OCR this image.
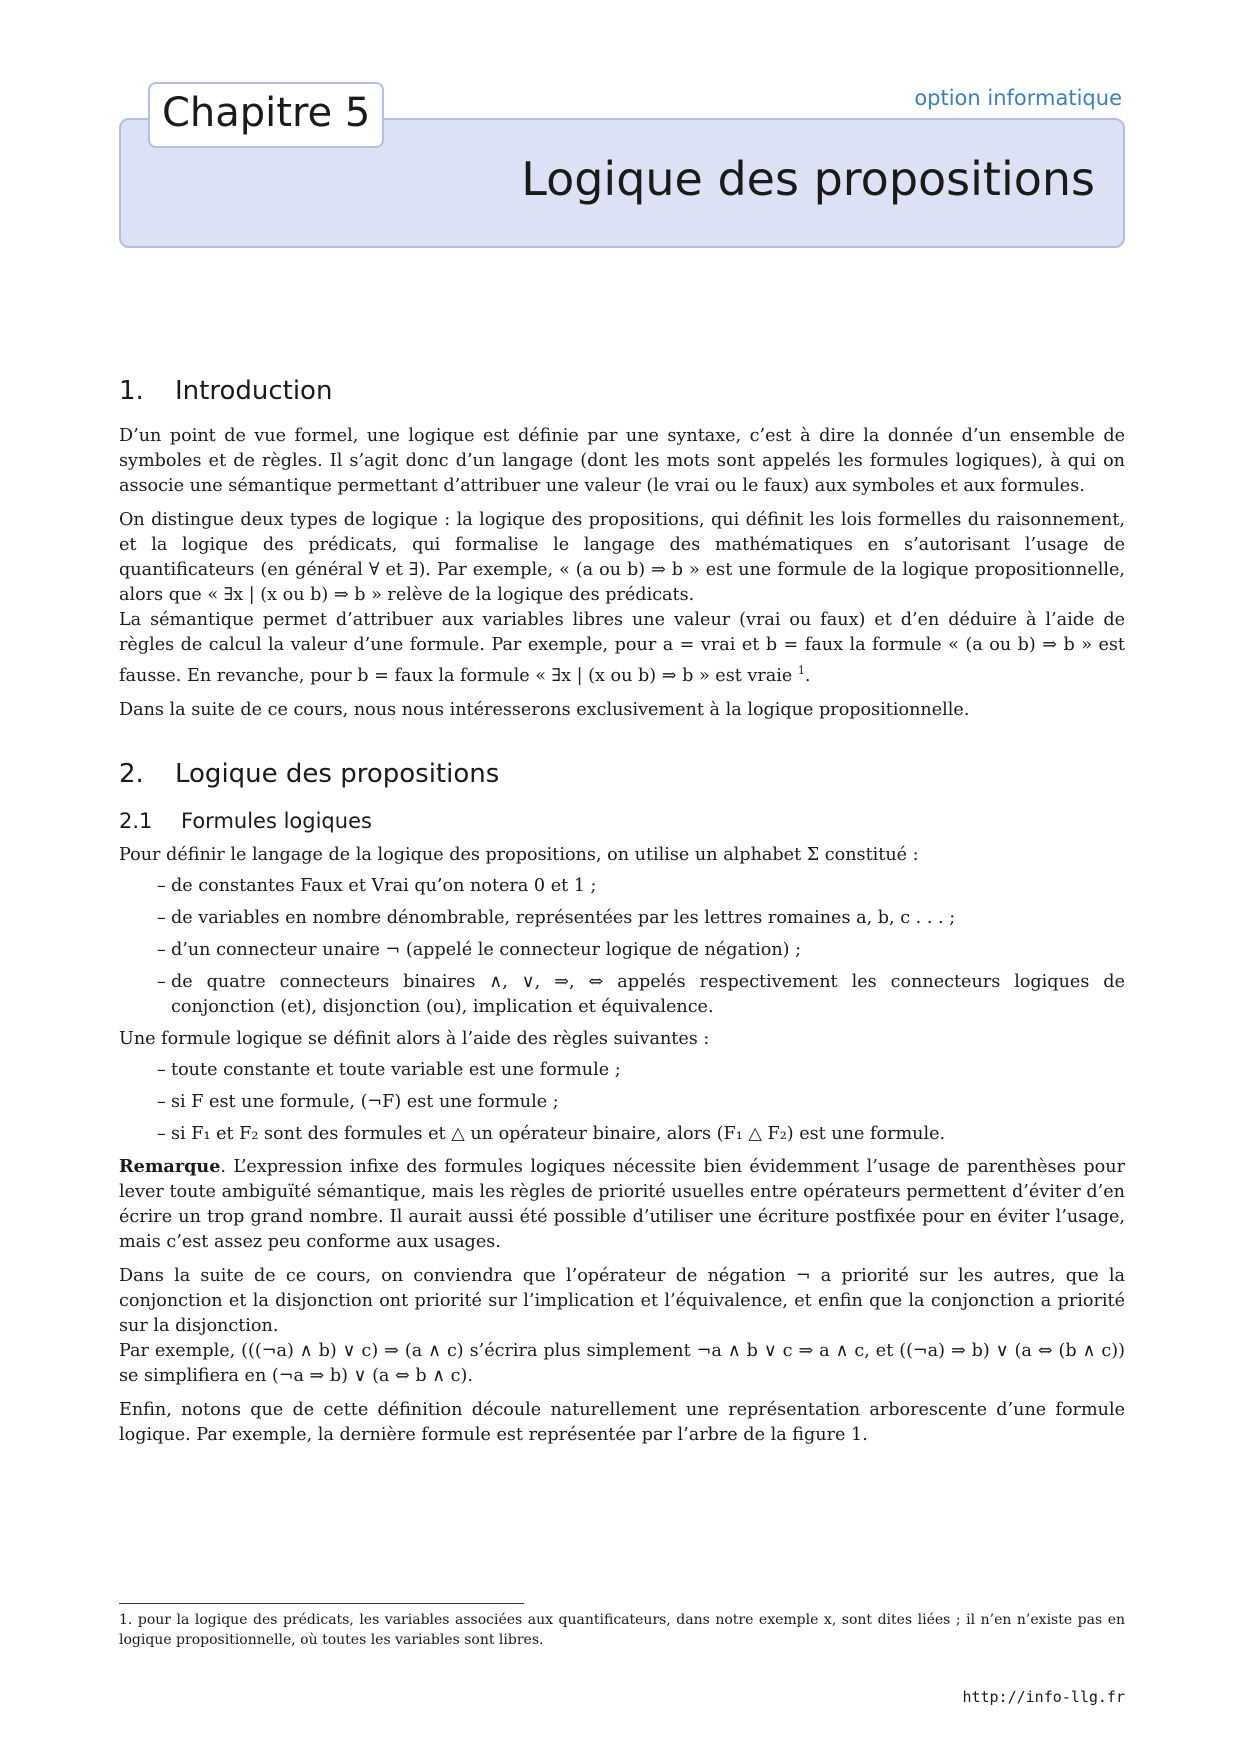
Chapitre 5	option informatique
Logique des propositions
1. Introduction

D’un point de vue formel, une logique est définie par une syntaxe, c’est à dire la donnée d’un ensemble de symboles et de règles. Il s’agit donc d’un langage (dont les mots sont appelés les formules logiques), à qui on associe une sémantique permettant d’attribuer une valeur (le vrai ou le faux) aux symboles et aux formules.

On distingue deux types de logique : la logique des propositions, qui définit les lois formelles du raisonnement, et la logique des prédicats, qui formalise le langage des mathématiques en s’autorisant l’usage de quantificateurs (en général ∀ et ∃). Par exemple, « (a ou b) ⇒ b » est une formule de la logique propositionnelle, alors que « ∃x | (x ou b) ⇒ b » relève de la logique des prédicats.

La sémantique permet d’attribuer aux variables libres une valeur (vrai ou faux) et d’en déduire à l’aide de règles de calcul la valeur d’une formule. Par exemple, pour a = vrai et b = faux la formule « (a ou b) ⇒ b » est fausse. En revanche, pour b = faux la formule « ∃x | (x ou b) ⇒ b » est vraie $^1$.

Dans la suite de ce cours, nous nous intéresserons exclusivement à la logique propositionnelle.

2. Logique des propositions
2.1 Formules logiques

Pour définir le langage de la logique des propositions, on utilise un alphabet Σ constitué :

– de constantes Faux et Vrai qu’on notera 0 et 1 ;
– de variables en nombre dénombrable, représentées par les lettres romaines a, b, c . . . ;
– d’un connecteur unaire ¬ (appelé le connecteur logique de négation) ;
– de quatre connecteurs binaires ∧, ∨, ⇒, ⇔ appelés respectivement les connecteurs logiques de conjonction (et), disjonction (ou), implication et équivalence.

Une formule logique se définit alors à l’aide des règles suivantes :

– toute constante et toute variable est une formule ;
– si F est une formule, (¬F) est une formule ;
– si F₁ et F₂ sont des formules et △ un opérateur binaire, alors (F₁ △ F₂) est une formule.

Remarque. L’expression infixe des formules logiques nécessite bien évidemment l’usage de parenthèses pour lever toute ambiguïté sémantique, mais les règles de priorité usuelles entre opérateurs permettent d’éviter d’en écrire un trop grand nombre. Il aurait aussi été possible d’utiliser une écriture postfixée pour en éviter l’usage, mais c’est assez peu conforme aux usages.

Dans la suite de ce cours, on conviendra que l’opérateur de négation ¬ a priorité sur les autres, que la conjonction et la disjonction ont priorité sur l’implication et l’équivalence, et enfin que la conjonction a priorité sur la disjonction.

Par exemple, (((¬a) ∧ b) ∨ c) ⇒ (a ∧ c) s’écrira plus simplement ¬a ∧ b ∨ c ⇒ a ∧ c, et ((¬a) ⇒ b) ∨ (a ⇔ (b ∧ c)) se simplifiera en (¬a ⇒ b) ∨ (a ⇔ b ∧ c).

Enfin, notons que de cette définition découle naturellement une représentation arborescente d’une formule logique. Par exemple, la dernière formule est représentée par l’arbre de la figure 1.

1. pour la logique des prédicats, les variables associées aux quantificateurs, dans notre exemple x, sont dites liées ; il n’en n’existe pas en logique propositionnelle, où toutes les variables sont libres.
http://info-llg.fr
